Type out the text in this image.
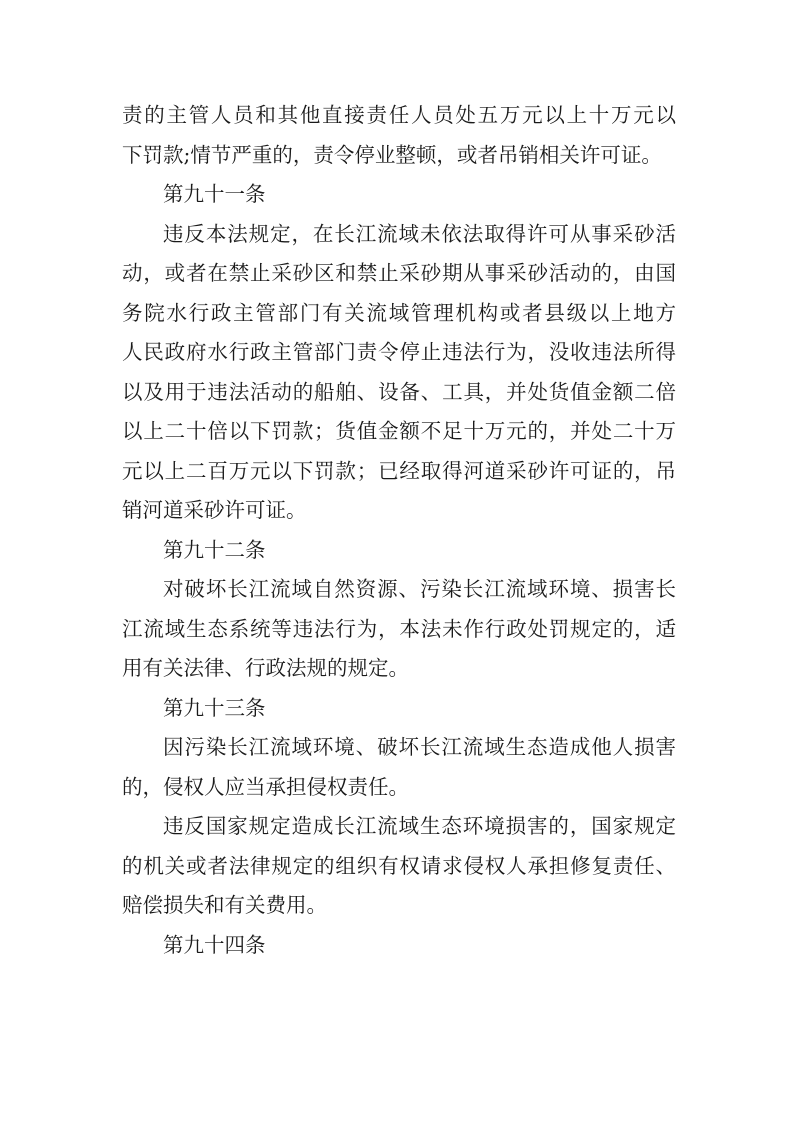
责的主管人员和其他直接责任人员处五万元以上十万元以
下罚款;情节严重的，责令停业整顿，或者吊销相关许可证。
第九十一条
违反本法规定，在长江流域未依法取得许可从事采砂活
动，或者在禁止采砂区和禁止采砂期从事采砂活动的，由国
务院水行政主管部门有关流域管理机构或者县级以上地方
人民政府水行政主管部门责令停止违法行为，没收违法所得
以及用于违法活动的船舶、设备、工具，并处货值金额二倍
以上二十倍以下罚款；货值金额不足十万元的，并处二十万
元以上二百万元以下罚款；已经取得河道采砂许可证的，吊
销河道采砂许可证。
第九十二条
对破坏长江流域自然资源、污染长江流域环境、损害长
江流域生态系统等违法行为，本法未作行政处罚规定的，适
用有关法律、行政法规的规定。
第九十三条
因污染长江流域环境、破坏长江流域生态造成他人损害
的，侵权人应当承担侵权责任。
违反国家规定造成长江流域生态环境损害的，国家规定
的机关或者法律规定的组织有权请求侵权人承担修复责任、
赔偿损失和有关费用。
第九十四条
